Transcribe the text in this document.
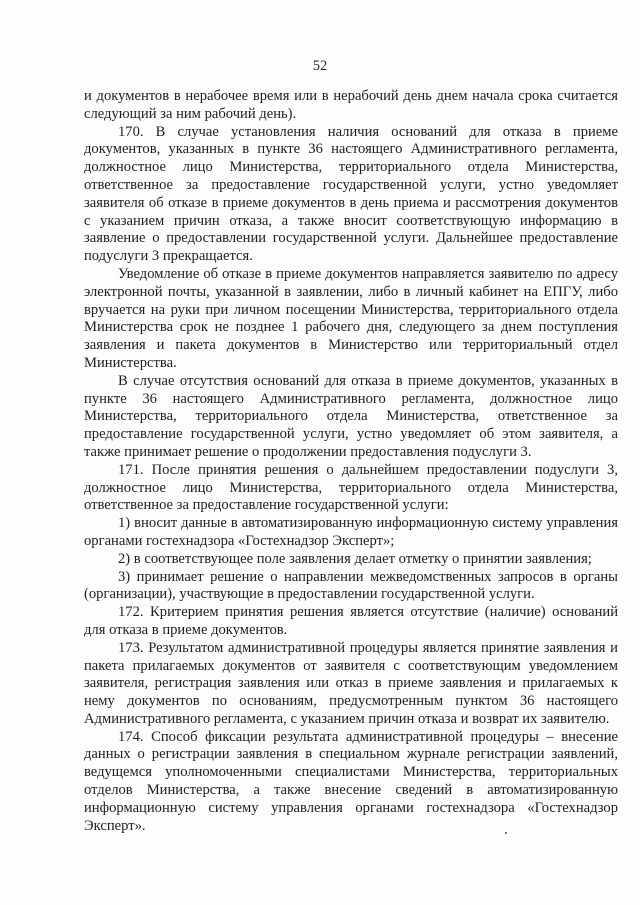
52

и документов в нерабочее время или в нерабочий день днем начала срока считается следующий за ним рабочий день).

170. В случае установления наличия оснований для отказа в приеме документов, указанных в пункте 36 настоящего Административного регламента, должностное лицо Министерства, территориального отдела Министерства, ответственное за предоставление государственной услуги, устно уведомляет заявителя об отказе в приеме документов в день приема и рассмотрения документов с указанием причин отказа, а также вносит соответствующую информацию в заявление о предоставлении государственной услуги. Дальнейшее предоставление подуслуги 3 прекращается.

Уведомление об отказе в приеме документов направляется заявителю по адресу электронной почты, указанной в заявлении, либо в личный кабинет на ЕПГУ, либо вручается на руки при личном посещении Министерства, территориального отдела Министерства срок не позднее 1 рабочего дня, следующего за днем поступления заявления и пакета документов в Министерство или территориальный отдел Министерства.

В случае отсутствия оснований для отказа в приеме документов, указанных в пункте 36 настоящего Административного регламента, должностное лицо Министерства, территориального отдела Министерства, ответственное за предоставление государственной услуги, устно уведомляет об этом заявителя, а также принимает решение о продолжении предоставления подуслуги 3.

171. После принятия решения о дальнейшем предоставлении подуслуги 3, должностное лицо Министерства, территориального отдела Министерства, ответственное за предоставление государственной услуги:

1) вносит данные в автоматизированную информационную систему управления органами гостехнадзора «Гостехнадзор Эксперт»;

2) в соответствующее поле заявления делает отметку о принятии заявления;

3) принимает решение о направлении межведомственных запросов в органы (организации), участвующие в предоставлении государственной услуги.

172. Критерием принятия решения является отсутствие (наличие) оснований для отказа в приеме документов.

173. Результатом административной процедуры является принятие заявления и пакета прилагаемых документов от заявителя с соответствующим уведомлением заявителя, регистрация заявления или отказ в приеме заявления и прилагаемых к нему документов по основаниям, предусмотренным пунктом 36 настоящего Административного регламента, с указанием причин отказа и возврат их заявителю.

174. Способ фиксации результата административной процедуры – внесение данных о регистрации заявления в специальном журнале регистрации заявлений, ведущемся уполномоченными специалистами Министерства, территориальных отделов Министерства, а также внесение сведений в автоматизированную информационную систему управления органами гостехнадзора «Гостехнадзор Эксперт».
